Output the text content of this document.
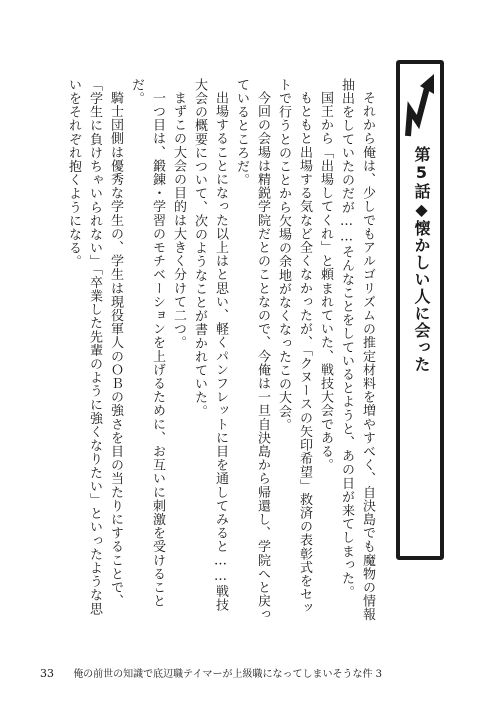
それから俺は、少しでもアルゴリズムの推定材料を増やすべく、自決島でも魔物の情報抽出をしていたのだが……そんなことをしているとようと、あの日が来てしまった。

国王から「出場してくれ」と頼まれていた、戦技大会である。

もともと出場する気など全くなかったが、「クヌースの矢印希望」救済の表彰式をセットで行うとのことから欠場の余地がなくなったこの大会。

今回の会場は精鋭学院だとのことなので、今俺は一旦自決島から帰還し、学院へと戻っているところだ。

出場することになった以上はと思い、軽くパンフレットに目を通してみると……戦技大会の概要について、次のようなことが書かれていた。

まずこの大会の目的は大きく分けて二つ。

一つ目は、鍛錬・学習のモチベーションを上げるために、お互いに刺激を受けることだ。

騎士団側は優秀な学生の、学生は現役軍人のＯＢの強さを目の当たりにすることで、「学生に負けちゃいられない」「卒業した先輩のように強くなりたい」といったような思いをそれぞれ抱くようになる。	第5話◆懐かしい人に会った
33 俺の前世の知識で底辺職テイマーが上級職になってしまいそうな件 3
